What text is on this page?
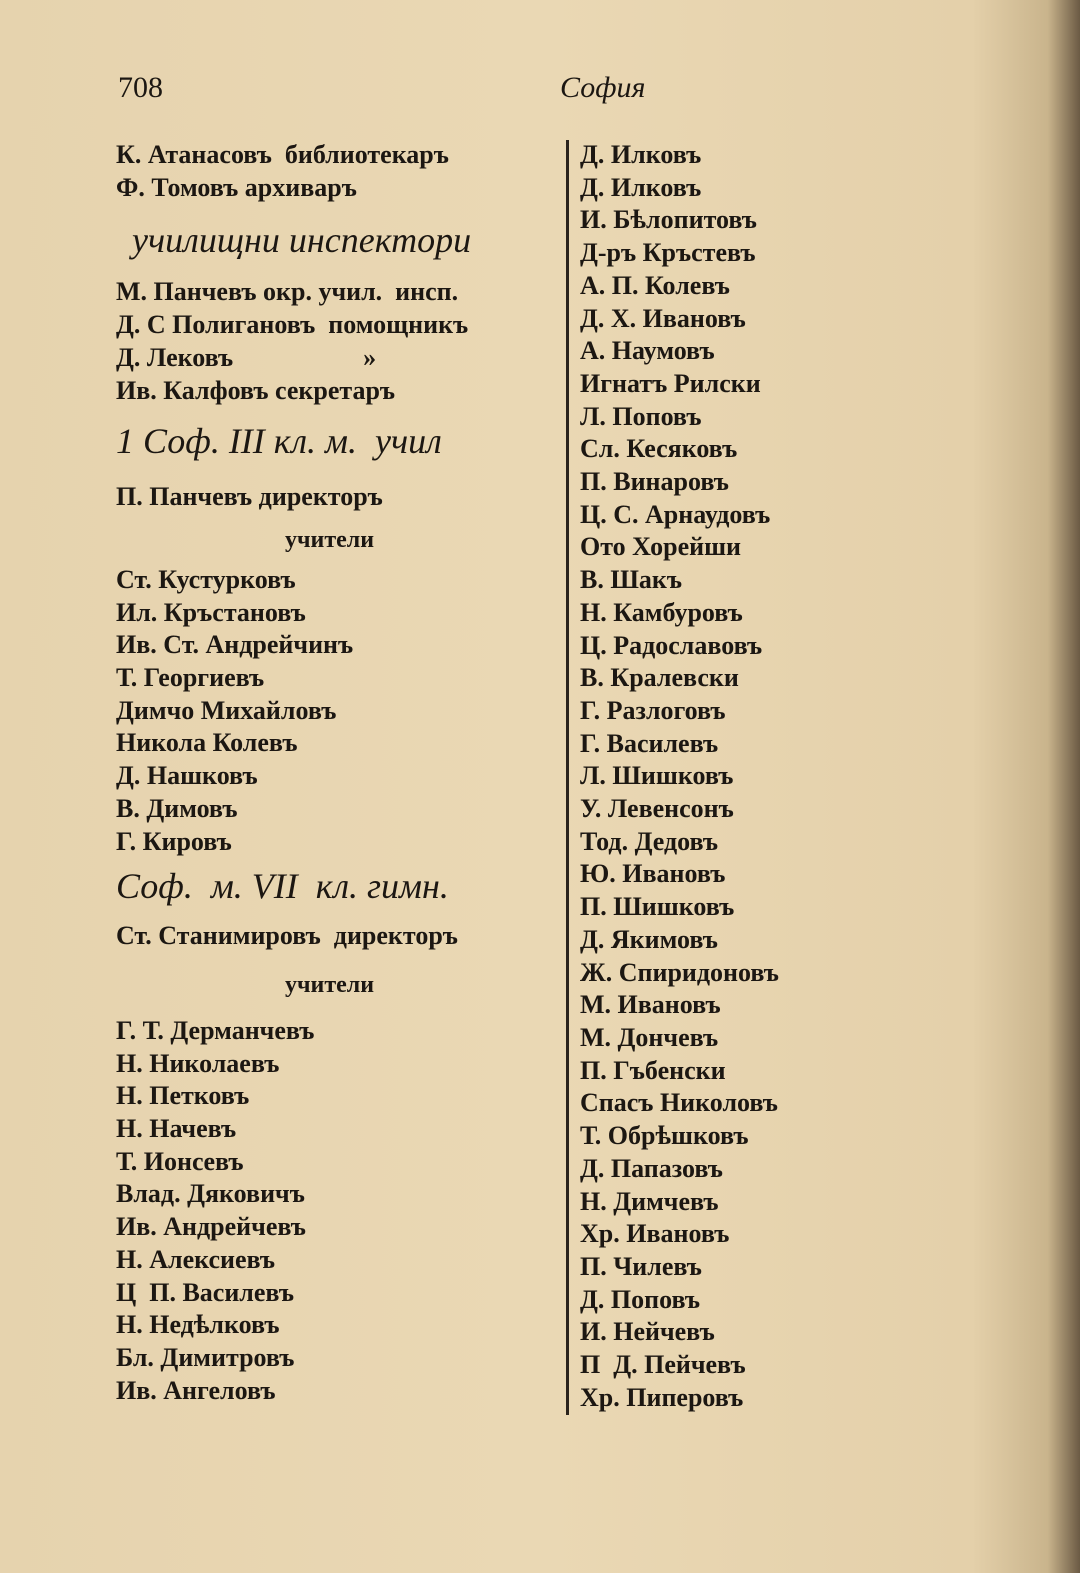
708	София
К. Атанасовъ  библиотекаръ
Ф. Томовъ архиваръ
училищни инспектори
М. Панчевъ окр. учил.  инсп.
Д. С Полигановъ  помощникъ
Д. Лековъ                    »
Ив. Калфовъ секретаръ
1 Соф. III кл. м.  учил
П. Панчевъ директоръ
учители
Ст. Кустурковъ
Ил. Кръстановъ
Ив. Ст. Андрейчинъ
Т. Георгиевъ
Димчо Михайловъ
Никола Колевъ
Д. Нашковъ
В. Димовъ
Г. Кировъ
Соф.  м. VII  кл. гимн.
Ст. Станимировъ  директоръ
учители
Г. Т. Дерманчевъ
Н. Николаевъ
Н. Петковъ
Н. Начевъ
Т. Ионcевъ
Влад. Дяковичъ
Ив. Андрейчевъ
Н. Алексиевъ
Ц  П. Василевъ
Н. Недѣлковъ
Бл. Димитровъ
Ив. Ангеловъ
Д. Илковъ
Д. Илковъ
И. Бѣлопитовъ
Д-ръ Кръстевъ
А. П. Колевъ
Д. Х. Ивановъ
А. Наумовъ
Игнатъ Рилски
Л. Поповъ
Сл. Кесяковъ
П. Винаровъ
Ц. С. Арнаудовъ
Ото Хорейши
В. Шакъ
Н. Камбуровъ
Ц. Радославовъ
В. Кралевски
Г. Разлоговъ
Г. Василевъ
Л. Шишковъ
У. Левенсонъ
Тод. Дедовъ
Ю. Ивановъ
П. Шишковъ
Д. Якимовъ
Ж. Спиридоновъ
М. Ивановъ
М. Дончевъ
П. Гъбенски
Спасъ Николовъ
Т. Обрѣшковъ
Д. Папазовъ
Н. Димчевъ
Хр. Ивановъ
П. Чилевъ
Д. Поповъ
И. Нейчевъ
П  Д. Пейчевъ
Хр. Пиперовъ
